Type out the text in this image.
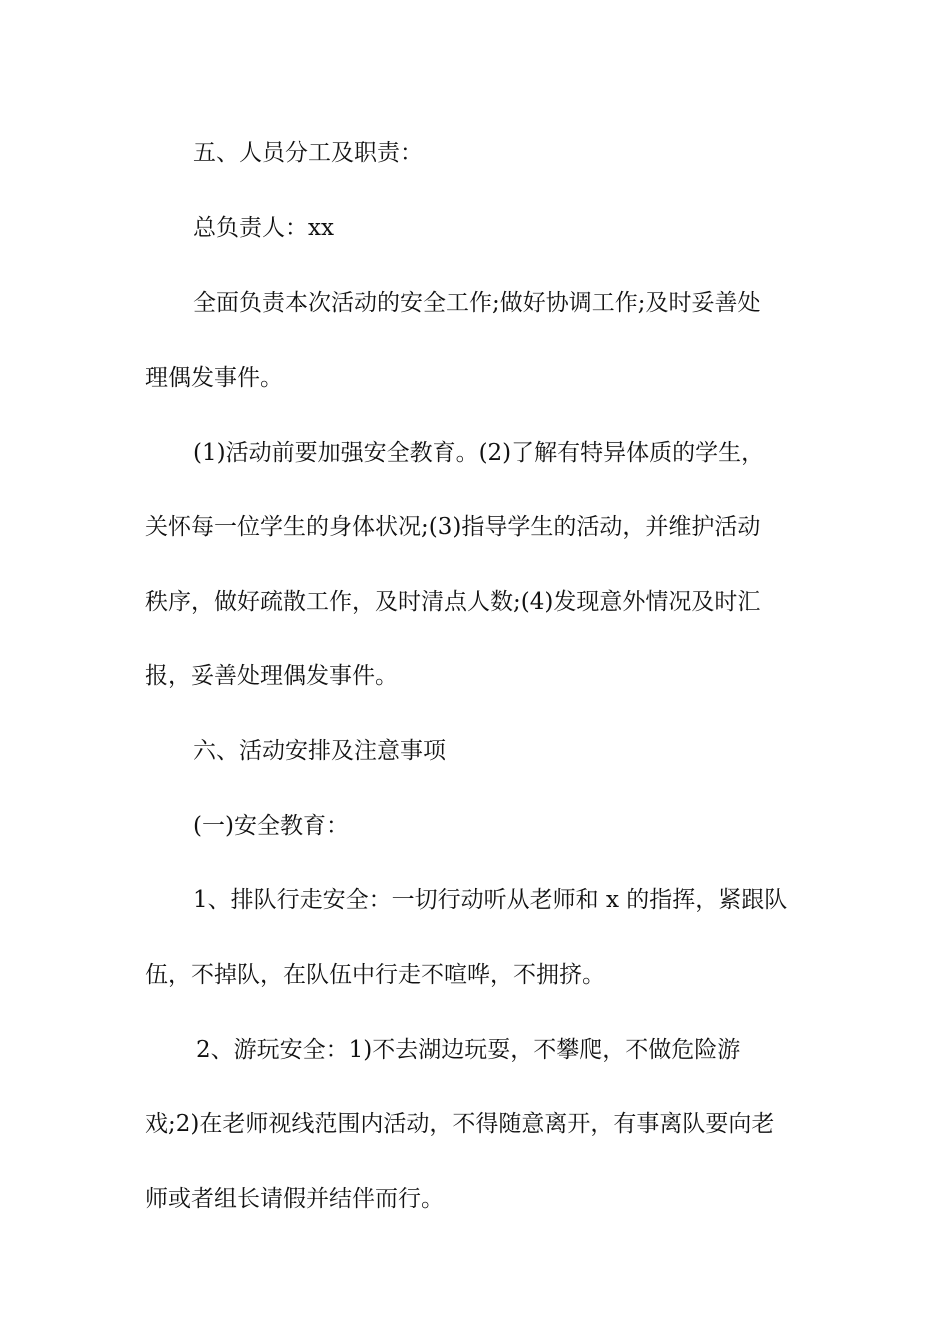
五、人员分工及职责：
总负责人：xx
全面负责本次活动的安全工作;做好协调工作;及时妥善处
理偶发事件。
(1)活动前要加强安全教育。(2)了解有特异体质的学生，
关怀每一位学生的身体状况;(3)指导学生的活动，并维护活动
秩序，做好疏散工作，及时清点人数;(4)发现意外情况及时汇
报，妥善处理偶发事件。
六、活动安排及注意事项
(一)安全教育：
1、排队行走安全：一切行动听从老师和 x 的指挥，紧跟队
伍，不掉队，在队伍中行走不喧哗，不拥挤。
2、游玩安全：1)不去湖边玩耍，不攀爬，不做危险游
戏;2)在老师视线范围内活动，不得随意离开，有事离队要向老
师或者组长请假并结伴而行。
